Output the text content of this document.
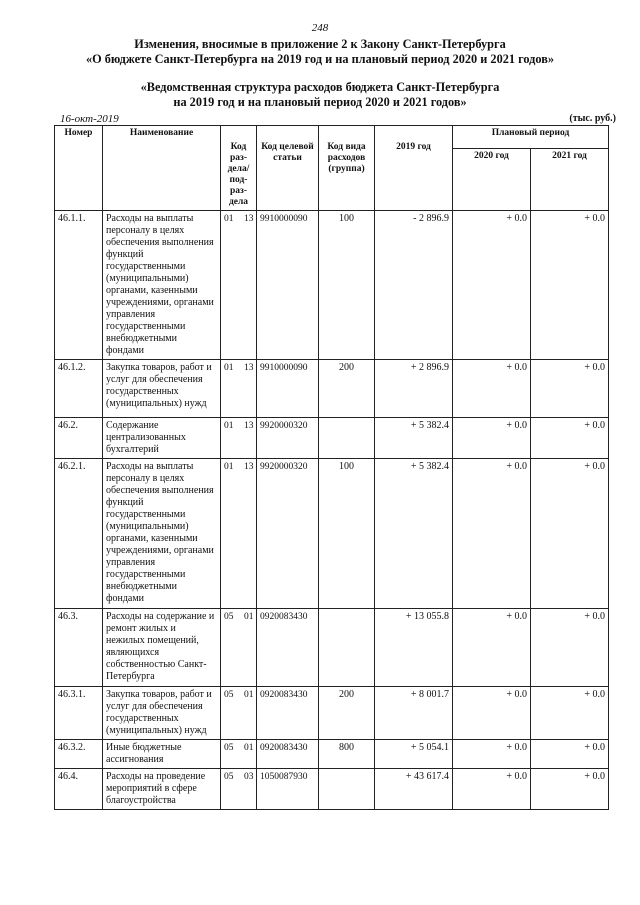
248
Изменения, вносимые в приложение 2 к Закону Санкт-Петербурга
«О бюджете Санкт-Петербурга на 2019 год и на плановый период 2020 и 2021 годов»
«Ведомственная структура расходов бюджета Санкт-Петербурга
на 2019 год и на плановый период 2020 и 2021 годов»
16-окт-2019	(тыс. руб.)
Номер	Наименование	Код раз- дела/ под- раз- дела	Код целевой статьи	Код вида расходов (группа)	2019 год	Плановый период	
						2020 год	2021 год
46.1.1.	Расходы на выплаты персоналу в целях обеспечения выполнения функций государственными (муниципальными) органами, казенными учреждениями, органами управления государственными внебюджетными фондами	01 13	9910000090	100	- 2 896.9	+ 0.0	+ 0.0
46.1.2.	Закупка товаров, работ и услуг для обеспечения государственных (муниципальных) нужд	01 13	9910000090	200	+ 2 896.9	+ 0.0	+ 0.0
46.2.	Содержание централизованных бухгалтерий	01 13	9920000320		+ 5 382.4	+ 0.0	+ 0.0
46.2.1.	Расходы на выплаты персоналу в целях обеспечения выполнения функций государственными (муниципальными) органами, казенными учреждениями, органами управления государственными внебюджетными фондами	01 13	9920000320	100	+ 5 382.4	+ 0.0	+ 0.0
46.3.	Расходы на содержание и ремонт жилых и нежилых помещений, являющихся собственностью Санкт-Петербурга	05 01	0920083430		+ 13 055.8	+ 0.0	+ 0.0
46.3.1.	Закупка товаров, работ и услуг для обеспечения государственных (муниципальных) нужд	05 01	0920083430	200	+ 8 001.7	+ 0.0	+ 0.0
46.3.2.	Иные бюджетные ассигнования	05 01	0920083430	800	+ 5 054.1	+ 0.0	+ 0.0
46.4.	Расходы на проведение мероприятий в сфере благоустройства	05 03	1050087930		+ 43 617.4	+ 0.0	+ 0.0
